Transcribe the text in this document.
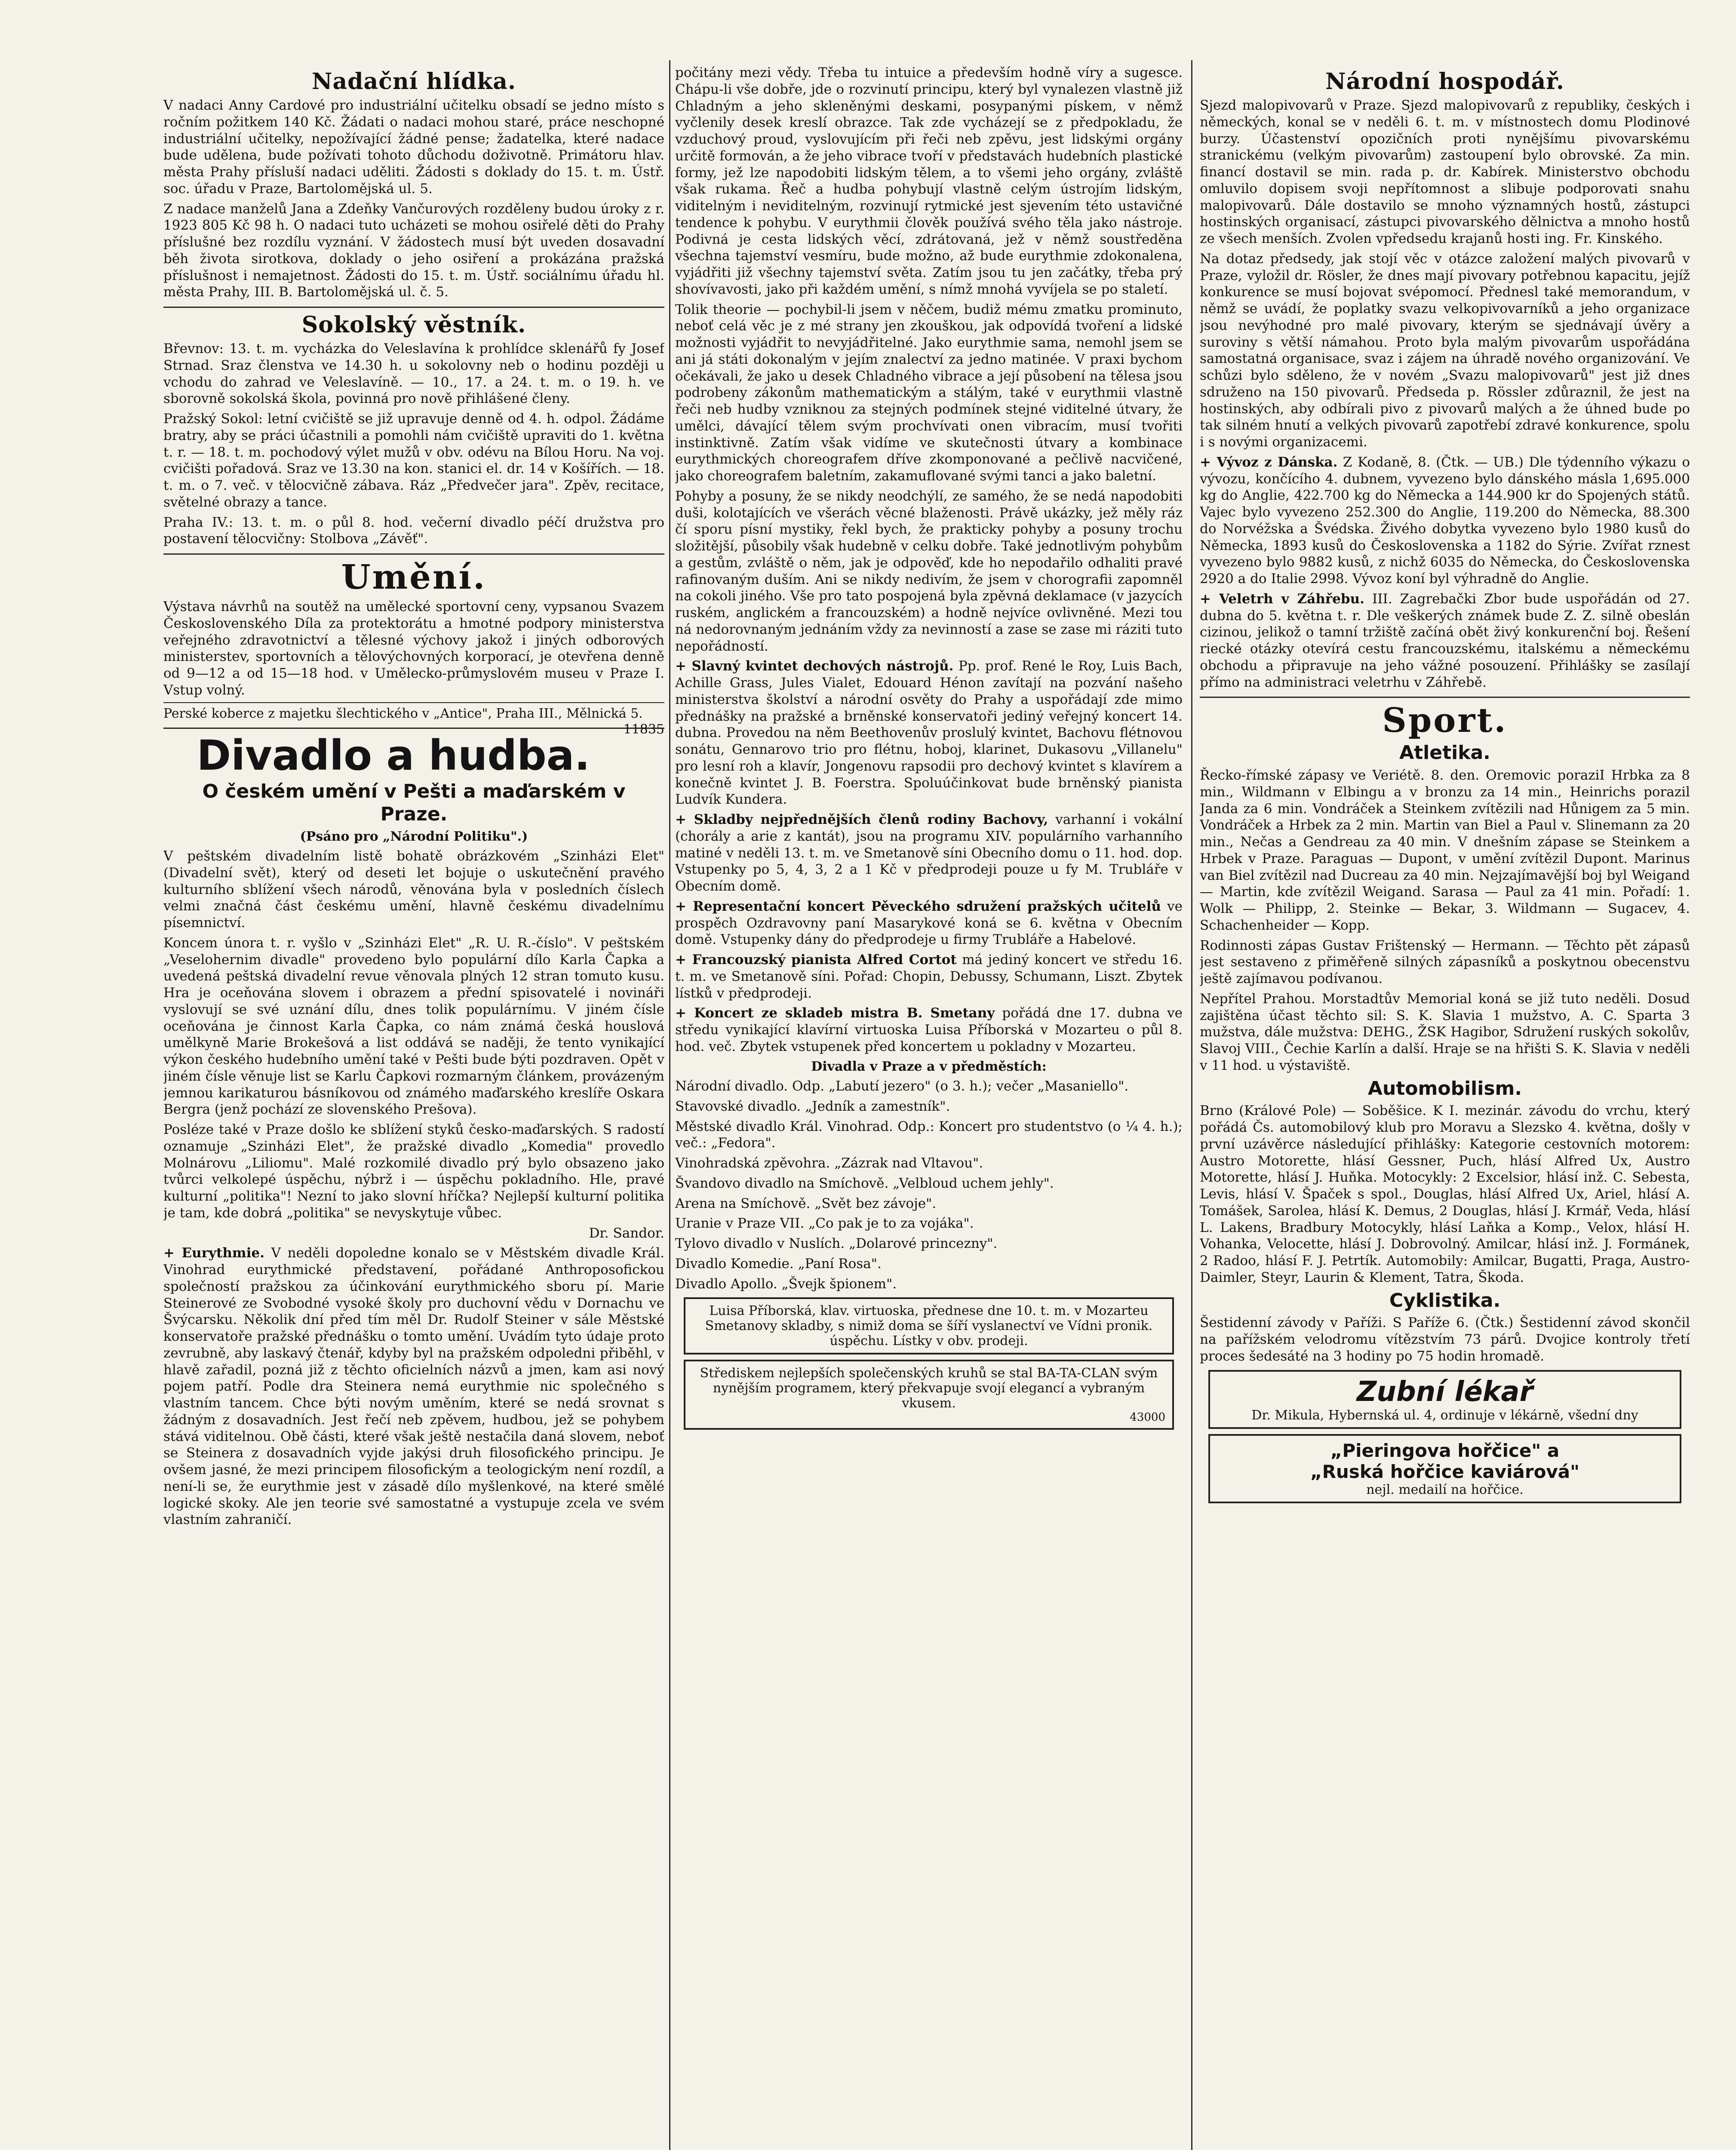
Nadační hlídka.

V nadaci Anny Cardové pro industriální učitelku obsadí se jedno místo s ročním požitkem 140 Kč. Žádati o nadaci mohou staré, práce neschopné industriální učitelky, nepožívající žádné pense; žadatelka, které nadace bude udělena, bude požívati tohoto důchodu doživotně. Primátoru hlav. města Prahy přísluší nadaci uděliti. Žádosti s doklady do 15. t. m. Ústř. soc. úřadu v Praze, Bartolomějská ul. 5.

Z nadace manželů Jana a Zdeňky Vančurových rozděleny budou úroky z r. 1923 805 Kč 98 h. O nadaci tuto ucházeti se mohou osiřelé děti do Prahy příslušné bez rozdílu vyznání. V žádostech musí být uveden dosavadní běh života sirotkova, doklady o jeho osiření a prokázána pražská příslušnost i nemajetnost. Žádosti do 15. t. m. Ústř. sociálnímu úřadu hl. města Prahy, III. B. Bartolomějská ul. č. 5.

Sokolský věstník.

Břevnov: 13. t. m. vycházka do Veleslavína k prohlídce sklenářů fy Josef Strnad. Sraz členstva ve 14.30 h. u sokolovny neb o hodinu později u vchodu do zahrad ve Veleslavíně. — 10., 17. a 24. t. m. o 19. h. ve sborovně sokolská škola, povinná pro nově přihlášené členy.

Pražský Sokol: letní cvičiště se již upravuje denně od 4. h. odpol. Žádáme bratry, aby se práci účastnili a pomohli nám cvičiště upraviti do 1. května t. r. — 18. t. m. pochodový výlet mužů v obv. odévu na Bílou Horu. Na voj. cvičišti pořadová. Sraz ve 13.30 na kon. stanici el. dr. 14 v Košířích. — 18. t. m. o 7. več. v tělocvičně zábava. Ráz „Předvečer jara". Zpěv, recitace, světelné obrazy a tance.

Praha IV.: 13. t. m. o půl 8. hod. večerní divadlo péčí družstva pro postavení tělocvičny: Stolbova „Závěť".

Umění.

Výstava návrhů na soutěž na umělecké sportovní ceny, vypsanou Svazem Československého Díla za protektorátu a hmotné podpory ministerstva veřejného zdravotnictví a tělesné výchovy jakož i jiných odborových ministerstev, sportovních a tělovýchovných korporací, je otevřena denně od 9—12 a od 15—18 hod. v Umělecko-průmyslovém museu v Praze I. Vstup volný.

Perské koberce z majetku šlechtického v „Antice", Praha III., Mělnická 5.
11835

Divadlo a hudba.
O českém umění v Pešti a maďarském v Praze.

(Psáno pro „Národní Politiku".)

V peštském divadelním listě bohatě obrázkovém „Szinházi Elet" (Divadelní svět), který od deseti let bojuje o uskutečnění pravého kulturního sblížení všech národů, věnována byla v posledních číslech velmi značná část českému umění, hlavně českému divadelnímu písemnictví.

Koncem února t. r. vyšlo v „Szinházi Elet" „R. U. R.-číslo". V peštském „Veselohernim divadle" provedeno bylo populární dílo Karla Čapka a uvedená peštská divadelní revue věnovala plných 12 stran tomuto kusu. Hra je oceňována slovem i obrazem a přední spisovatelé i novináři vyslovují se své uznání dílu, dnes tolik populárnímu. V jiném čísle oceňována je činnost Karla Čapka, co nám známá česká houslová umělkyně Marie Brokešová a list oddává se naději, že tento vynikající výkon českého hudebního umění také v Pešti bude býti pozdraven. Opět v jiném čísle věnuje list se Karlu Čapkovi rozmarným článkem, provázeným jemnou karikaturou básníkovou od známého maďarského kreslíře Oskara Bergra (jenž pochází ze slovenského Prešova).

Posléze také v Praze došlo ke sblížení styků česko-maďarských. S radostí oznamuje „Szinházi Elet", že pražské divadlo „Komedia" provedlo Molnárovu „Liliomu". Malé rozkomilé divadlo prý bylo obsazeno jako tvůrci velkolepé úspěchu, nýbrž i — úspěchu pokladního. Hle, pravé kulturní „politika"! Nezní to jako slovní hříčka? Nejlepší kulturní politika je tam, kde dobrá „politika" se nevyskytuje vůbec.

Dr. Sandor.

+ Eurythmie. V neděli dopoledne konalo se v Městském divadle Král. Vinohrad eurythmické představení, pořádané Anthroposofickou společností pražskou za účinkování eurythmického sboru pí. Marie Steinerové ze Svobodné vysoké školy pro duchovní vědu v Dornachu ve Švýcarsku. Několik dní před tím měl Dr. Rudolf Steiner v sále Městské konservatoře pražské přednášku o tomto umění. Uvádím tyto údaje proto zevrubně, aby laskavý čtenář, kdyby byl na pražském odpoledni přiběhl, v hlavě zařadil, pozná již z těchto oficielních názvů a jmen, kam asi nový pojem patří. Podle dra Steinera nemá eurythmie nic společného s vlastním tancem. Chce býti novým uměním, které se nedá srovnat s žádným z dosavadních. Jest řečí neb zpěvem, hudbou, jež se pohybem stává viditelnou. Obě části, které však ještě nestačila daná slovem, neboť se Steinera z dosavadních vyjde jakýsi druh filosofického principu. Je ovšem jasné, že mezi principem filosofickým a teologickým není rozdíl, a není-li se, že eurythmie jest v zásadě dílo myšlenkové, na které smělé logické skoky. Ale jen teorie své samostatné a vystupuje zcela ve svém vlastním zahraničí.

počitány mezi vědy. Třeba tu intuice a především hodně víry a sugesce. Chápu-li vše dobře, jde o rozvinutí principu, který byl vynalezen vlastně již Chladným a jeho skleněnými deskami, posypanými pískem, v němž vyčlenily desek kreslí obrazce. Tak zde vycházejí se z předpokladu, že vzduchový proud, vyslovujícím při řeči neb zpěvu, jest lidskými orgány určitě formován, a že jeho vibrace tvoří v představách hudebních plastické formy, jež lze napodobiti lidským tělem, a to všemi jeho orgány, zvláště však rukama. Řeč a hudba pohybují vlastně celým ústrojím lidským, viditelným i neviditelným, rozvinují rytmické jest sjevením této ustavičné tendence k pohybu. V eurythmii člověk používá svého těla jako nástroje. Podivná je cesta lidských věcí, zdrátovaná, jež v němž soustředěna všechna tajemství vesmíru, bude možno, až bude eurythmie zdokonalena, vyjádřiti již všechny tajemství světa. Zatím jsou tu jen začátky, třeba prý shovívavosti, jako při každém umění, s nímž mnohá vyvíjela se po staletí.

Tolik theorie — pochybil-li jsem v něčem, budiž mému zmatku prominuto, neboť celá věc je z mé strany jen zkouškou, jak odpovídá tvoření a lidské možnosti vyjádřit to nevyjádřitelné. Jako eurythmie sama, nemohl jsem se ani já státi dokonalým v jejím znalectví za jedno matinée. V praxi bychom očekávali, že jako u desek Chladného vibrace a její působení na tělesa jsou podrobeny zákonům mathematickým a stálým, také v eurythmii vlastně řeči neb hudby vzniknou za stejných podmínek stejné viditelné útvary, že umělci, dávající tělem svým prochvívati onen vibracím, musí tvořiti instinktivně. Zatím však vidíme ve skutečnosti útvary a kombinace eurythmických choreografem dříve zkomponované a pečlivě nacvičené, jako choreografem baletním, zakamuflované svými tanci a jako baletní.

Pohyby a posuny, že se nikdy neodchýlí, ze samého, že se nedá napodobiti duši, kolotajících ve všerách věcné blaženosti. Právě ukázky, jež měly ráz čí sporu písní mystiky, řekl bych, že prakticky pohyby a posuny trochu složitější, působily však hudebně v celku dobře. Také jednotlivým pohybům a gestům, zvláště o něm, jak je odpověď, kde ho nepodařilo odhaliti pravé rafinovaným duším. Ani se nikdy nedivím, že jsem v chorografii zapomněl na cokoli jiného. Vše pro tato pospojená byla zpěvná deklamace (v jazycích ruském, anglickém a francouzském) a hodně nejvíce ovlivněné. Mezi tou ná nedorovnaným jednáním vždy za nevinností a zase se zase mi ráziti tuto nepořádností.

+ Slavný kvintet dechových nástrojů. Pp. prof. René le Roy, Luis Bach, Achille Grass, Jules Vialet, Edouard Hénon zavítají na pozvání našeho ministerstva školství a národní osvěty do Prahy a uspořádají zde mimo přednášky na pražské a brněnské konservatoři jediný veřejný koncert 14. dubna. Provedou na něm Beethovenův proslulý kvintet, Bachovu flétnovou sonátu, Gennarovo trio pro flétnu, hoboj, klarinet, Dukasovu „Villanelu" pro lesní roh a klavír, Jongenovu rapsodii pro dechový kvintet s klavírem a konečně kvintet J. B. Foerstra. Spoluúčinkovat bude brněnský pianista Ludvík Kundera.

+ Skladby nejpřednějších členů rodiny Bachovy, varhanní i vokální (chorály a arie z kantát), jsou na programu XIV. populárního varhanního matiné v neděli 13. t. m. ve Smetanově síni Obecního domu o 11. hod. dop. Vstupenky po 5, 4, 3, 2 a 1 Kč v předprodeji pouze u fy M. Trubláře v Obecním domě.

+ Representační koncert Pěveckého sdružení pražských učitelů ve prospěch Ozdravovny paní Masarykové koná se 6. května v Obecním domě. Vstupenky dány do předprodeje u firmy Trubláře a Habelové.

+ Francouzský pianista Alfred Cortot má jediný koncert ve středu 16. t. m. ve Smetanově síni. Pořad: Chopin, Debussy, Schumann, Liszt. Zbytek lístků v předprodeji.

+ Koncert ze skladeb mistra B. Smetany pořádá dne 17. dubna ve středu vynikající klavírní virtuoska Luisa Příborská v Mozarteu o půl 8. hod. več. Zbytek vstupenek před koncertem u pokladny v Mozarteu.

Divadla v Praze a v předměstích:

Národní divadlo. Odp. „Labutí jezero" (o 3. h.); večer „Masaniello".

Stavovské divadlo. „Jedník a zamestník".

Městské divadlo Král. Vinohrad. Odp.: Koncert pro studentstvo (o ¼ 4. h.); več.: „Fedora".

Vinohradská zpěvohra. „Zázrak nad Vltavou".

Švandovo divadlo na Smíchově. „Velbloud uchem jehly".

Arena na Smíchově. „Svět bez závoje".

Uranie v Praze VII. „Co pak je to za vojáka".

Tylovo divadlo v Nuslích. „Dolarové princezny".

Divadlo Komedie. „Paní Rosa".

Divadlo Apollo. „Švejk špionem".

Luisa Příborská, klav. virtuoska, přednese dne 10. t. m. v Mozarteu Smetanovy skladby, s nimiž doma se šíří vyslanectví ve Vídni pronik. úspěchu. Lístky v obv. prodeji.
Střediskem nejlepších společenských kruhů se stal BA-TA-CLAN svým nynějším programem, který překvapuje svojí elegancí a vybraným vkusem.
43000
Národní hospodář.

Sjezd malopivovarů v Praze. Sjezd malopivovarů z republiky, českých i německých, konal se v neděli 6. t. m. v místnostech domu Plodinové burzy. Účastenství opozičních proti nynějšímu pivovarskému stranickému (velkým pivovarům) zastoupení bylo obrovské. Za min. financí dostavil se min. rada p. dr. Kabírek. Ministerstvo obchodu omluvilo dopisem svoji nepřítomnost a slibuje podporovati snahu malopivovarů. Dále dostavilo se mnoho významných hostů, zástupci hostinských organisací, zástupci pivovarského dělnictva a mnoho hostů ze všech menších. Zvolen vpředsedu krajanů hosti ing. Fr. Kinského.

Na dotaz předsedy, jak stojí věc v otázce založení malých pivovarů v Praze, vyložil dr. Rösler, že dnes mají pivovary potřebnou kapacitu, jejíž konkurence se musí bojovat svépomocí. Přednesl také memorandum, v němž se uvádí, že poplatky svazu velkopivovarníků a jeho organizace jsou nevýhodné pro malé pivovary, kterým se sjednávají úvěry a suroviny s větší námahou. Proto byla malým pivovarům uspořádána samostatná organisace, svaz i zájem na úhradě nového organizování. Ve schůzi bylo sděleno, že v novém „Svazu malopivovarů" jest již dnes sdruženo na 150 pivovarů. Předseda p. Rössler zdůraznil, že jest na hostinských, aby odbírali pivo z pivovarů malých a že úhned bude po tak silném hnutí a velkých pivovarů zapotřebí zdravé konkurence, spolu i s novými organizacemi.

+ Vývoz z Dánska. Z Kodaně, 8. (Čtk. — UB.) Dle týdenního výkazu o vývozu, končícího 4. dubnem, vyvezeno bylo dánského másla 1,695.000 kg do Anglie, 422.700 kg do Německa a 144.900 kr do Spojených států. Vajec bylo vyvezeno 252.300 do Anglie, 119.200 do Německa, 88.300 do Norvéžska a Švédska. Živého dobytka vyvezeno bylo 1980 kusů do Německa, 1893 kusů do Československa a 1182 do Sýrie. Zvířat rznest vyvezeno bylo 9882 kusů, z nichž 6035 do Německa, do Československa 2920 a do Italie 2998. Vývoz koní byl výhradně do Anglie.

+ Veletrh v Záhřebu. III. Zagrebački Zbor bude uspořádán od 27. dubna do 5. května t. r. Dle veškerých známek bude Z. Z. silně obeslán cizinou, jelikož o tamní tržiště začíná obět živý konkurenční boj. Řešení riecké otázky otevírá cestu francouzskému, italskému a německému obchodu a připravuje na jeho vážné posouzení. Přihlášky se zasílají přímo na administraci veletrhu v Záhřebě.

Sport.
Atletika.

Řecko-římské zápasy ve Veriétě. 8. den. Oremovic poraziI Hrbka za 8 min., Wildmann v Elbingu a v bronzu za 14 min., Heinrichs porazil Janda za 6 min. Vondráček a Steinkem zvítězili nad Hůnigem za 5 min. Vondráček a Hrbek za 2 min. Martin van Biel a Paul v. Slinemann za 20 min., Nečas a Gendreau za 40 min. V dnešním zápase se Steinkem a Hrbek v Praze. Paraguas — Dupont, v umění zvítězil Dupont. Marinus van Biel zvítězil nad Ducreau za 40 min. Nejzajímavější boj byl Weigand — Martin, kde zvítězil Weigand. Sarasa — Paul za 41 min. Pořadí: 1. Wolk — Philipp, 2. Steinke — Bekar, 3. Wildmann — Sugacev, 4. Schachenheider — Kopp.

Rodinnosti zápas Gustav Frištenský — Hermann. — Těchto pět zápasů jest sestaveno z přiměřeně silných zápasníků a poskytnou obecenstvu ještě zajímavou podívanou.

Nepřítel Prahou. Morstadtův Memorial koná se již tuto neděli. Dosud zajištěna účast těchto sil: S. K. Slavia 1 mužstvo, A. C. Sparta 3 mužstva, dále mužstva: DEHG., ŽSK Hagibor, Sdružení ruských sokolův, Slavoj VIII., Čechie Karlín a další. Hraje se na hřišti S. K. Slavia v neděli v 11 hod. u výstaviště.

Automobilism.

Brno (Králové Pole) — Soběšice. K I. mezinár. závodu do vrchu, který pořádá Čs. automobilový klub pro Moravu a Slezsko 4. května, došly v první uzávěrce následující přihlášky: Kategorie cestovních motorem: Austro Motorette, hlásí Gessner, Puch, hlásí Alfred Ux, Austro Motorette, hlásí J. Huňka. Motocykly: 2 Excelsior, hlásí inž. C. Sebesta, Levis, hlásí V. Špaček s spol., Douglas, hlásí Alfred Ux, Ariel, hlásí A. Tomášek, Sarolea, hlásí K. Demus, 2 Douglas, hlásí J. Krmář, Veda, hlásí L. Lakens, Bradbury Motocykly, hlásí Laňka a Komp., Velox, hlásí H. Vohanka, Velocette, hlásí J. Dobrovolný. Amilcar, hlásí inž. J. Formánek, 2 Radoo, hlásí F. J. Petrtík. Automobily: Amilcar, Bugatti, Praga, Austro-Daimler, Steyr, Laurin & Klement, Tatra, Škoda.

Cyklistika.

Šestidenní závody v Paříži. S Paříže 6. (Čtk.) Šestidenní závod skončil na pařížském velodromu vítězstvím 73 párů. Dvojice kontroly třetí proces šedesáté na 3 hodiny po 75 hodin hromadě.

Zubní lékař
Dr. Mikula, Hybernská ul. 4, ordinuje v lékárně, všední dny
„Pieringova hořčice" a
„Ruská hořčice kaviárová"
nejl. medailí na hořčice.
